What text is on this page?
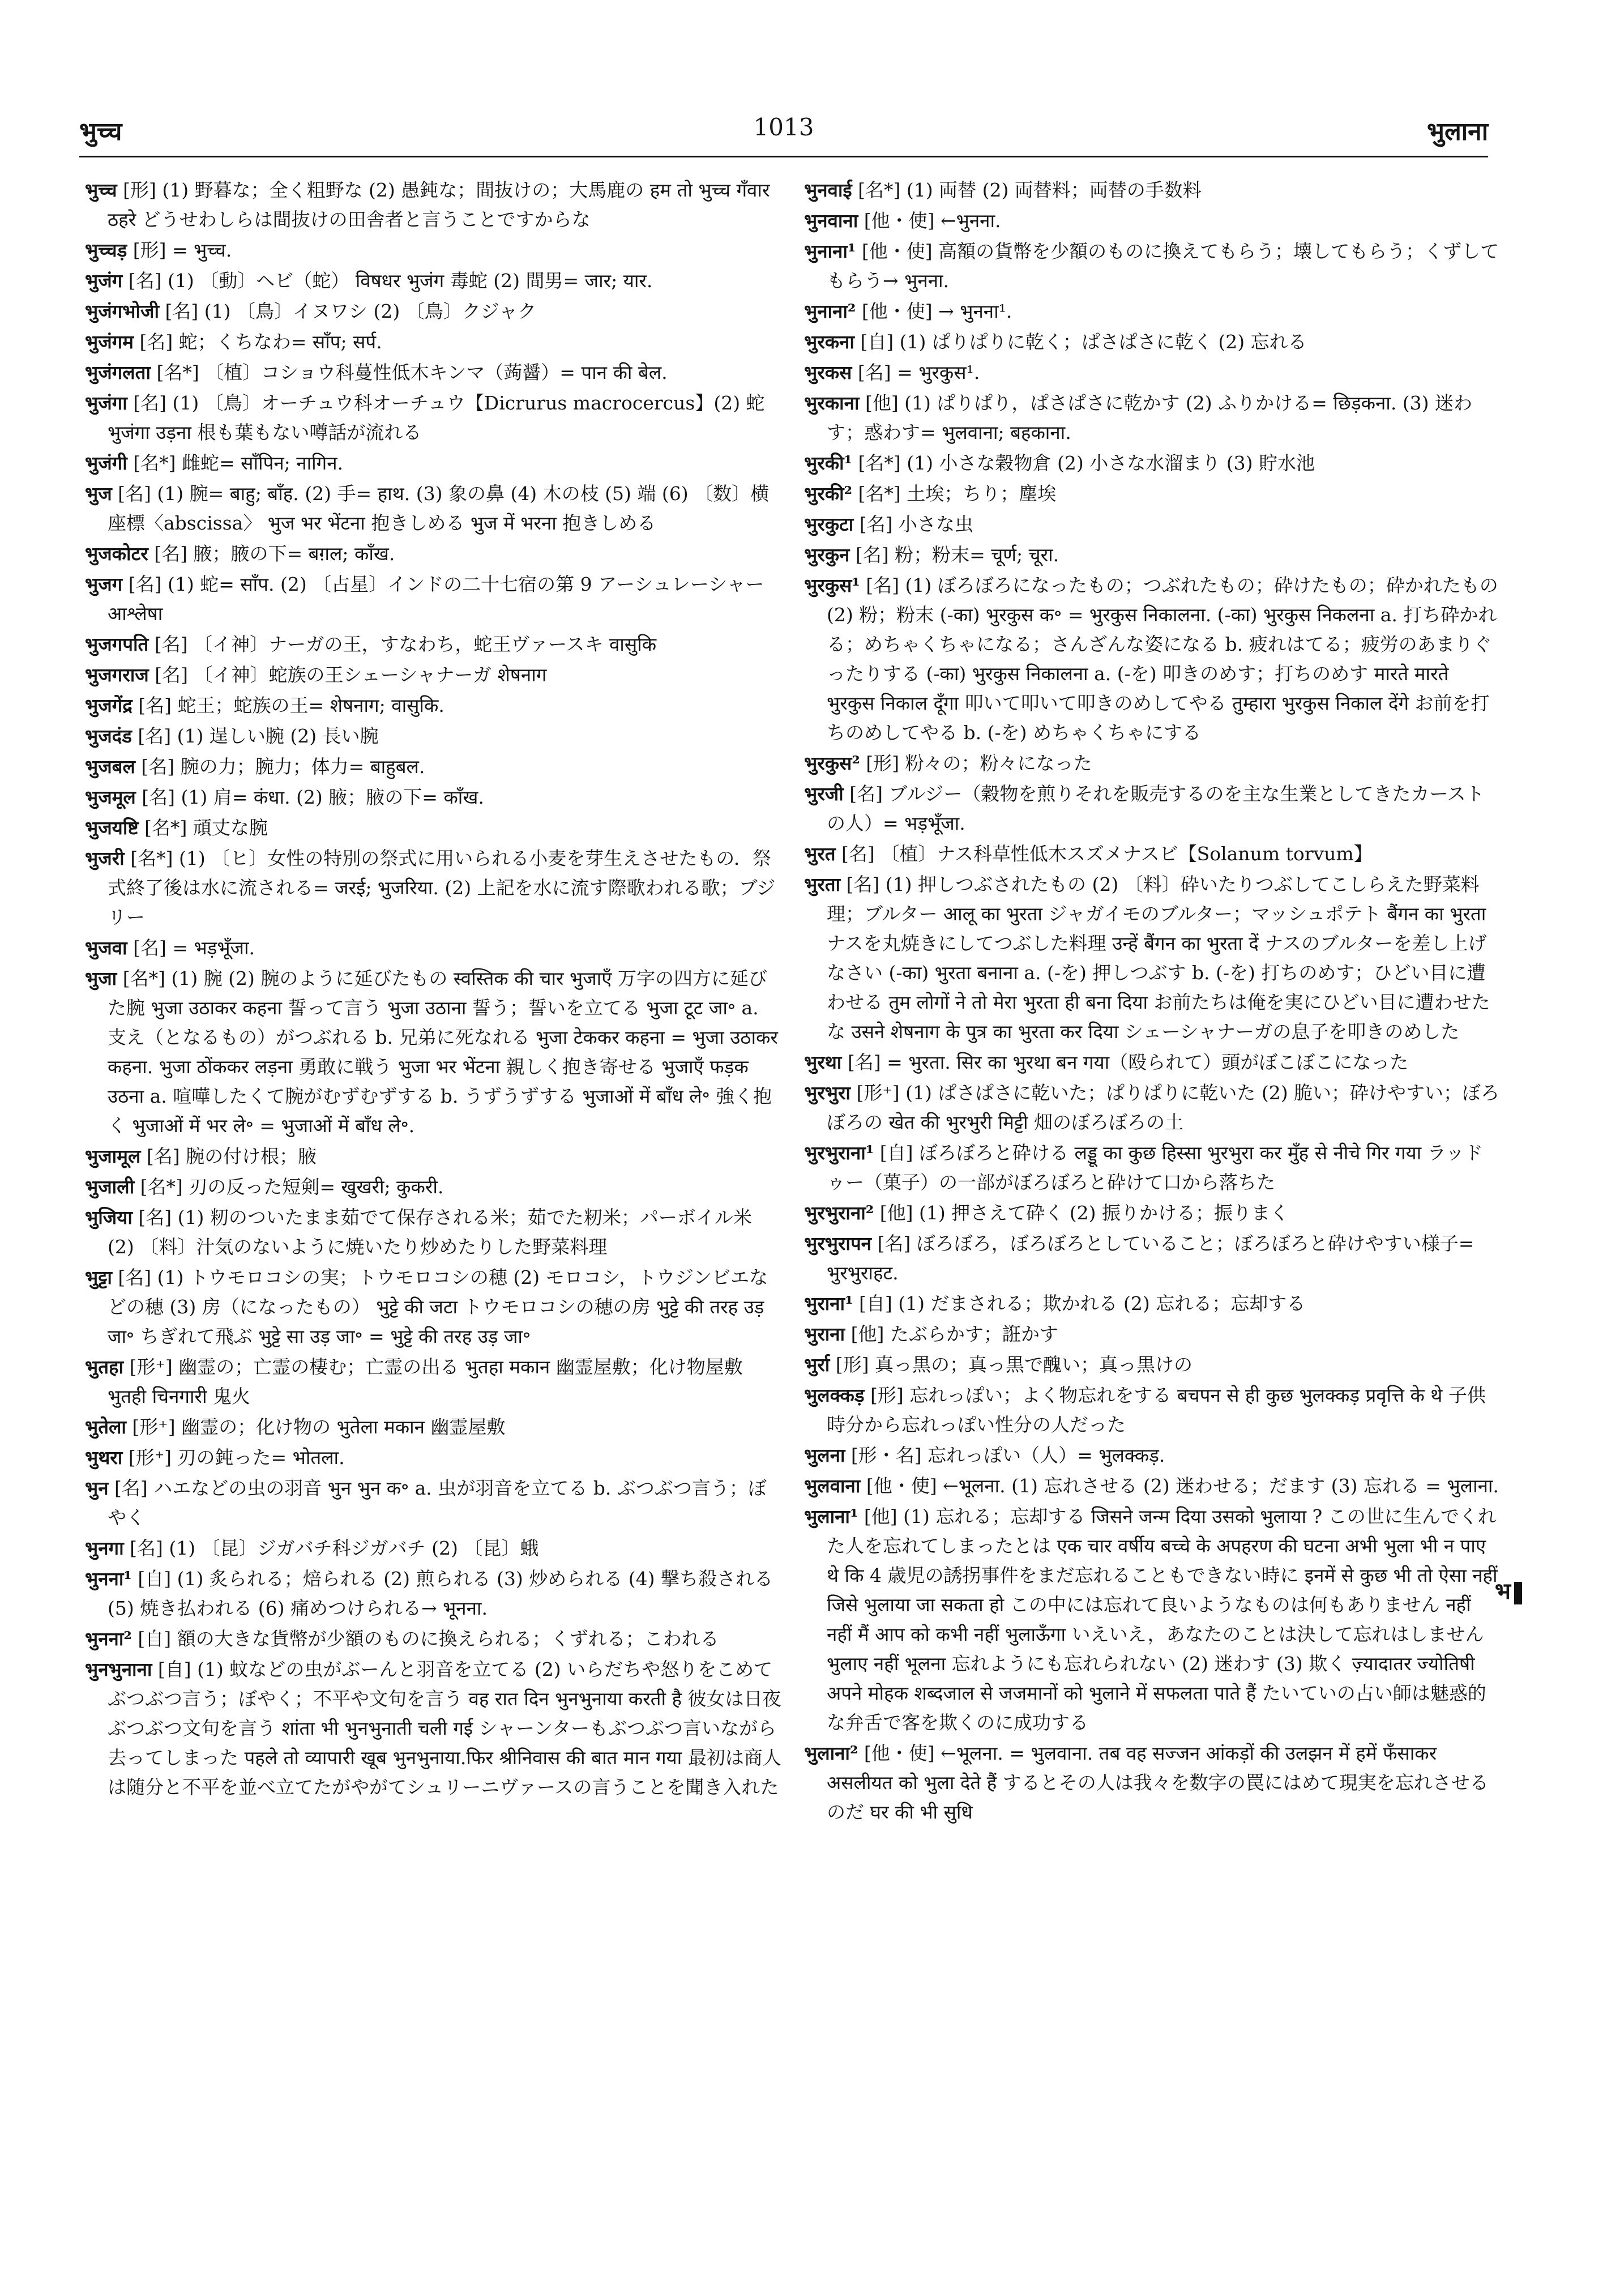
भुच्च	1013	भुलाना

भुच्च [形] (1) 野暮な；全く粗野な (2) 愚鈍な；間抜けの；大馬鹿の हम तो भुच्च गँवार ठहरे どうせわしらは間抜けの田舎者と言うことですからな

भुच्चड़ [形] = भुच्च.

भुजंग [名] (1) 〔動〕ヘビ（蛇） विषधर भुजंग 毒蛇 (2) 間男= जार; यार.

भुजंगभोजी [名] (1) 〔鳥〕イヌワシ (2) 〔鳥〕クジャク

भुजंगम [名] 蛇；くちなわ= साँप; सर्प.

भुजंगलता [名*] 〔植〕コショウ科蔓性低木キンマ（蒟醤）= पान की बेल.

भुजंगा [名] (1) 〔鳥〕オーチュウ科オーチュウ【Dicrurus macrocercus】(2) 蛇 भुजंगा उड़ना 根も葉もない噂話が流れる

भुजंगी [名*] 雌蛇= साँपिन; नागिन.

भुज [名] (1) 腕= बाहु; बाँह. (2) 手= हाथ. (3) 象の鼻 (4) 木の枝 (5) 端 (6) 〔数〕横座標〈abscissa〉 भुज भर भेंटना 抱きしめる भुज में भरना 抱きしめる

भुजकोटर [名] 腋；腋の下= बग़ल; काँख.

भुजग [名] (1) 蛇= साँप. (2) 〔占星〕インドの二十七宿の第 9 アーシュレーシャー आश्लेषा

भुजगपति [名] 〔イ神〕ナーガの王，すなわち，蛇王ヴァースキ वासुकि

भुजगराज [名] 〔イ神〕蛇族の王シェーシャナーガ शेषनाग

भुजगेंद्र [名] 蛇王；蛇族の王= शेषनाग; वासुकि.

भुजदंड [名] (1) 逞しい腕 (2) 長い腕

भुजबल [名] 腕の力；腕力；体力= बाहुबल.

भुजमूल [名] (1) 肩= कंधा. (2) 腋；腋の下= काँख.

भुजयष्टि [名*] 頑丈な腕

भुजरी [名*] (1) 〔ヒ〕女性の特別の祭式に用いられる小麦を芽生えさせたもの．祭式終了後は水に流される= जरई; भुजरिया. (2) 上記を水に流す際歌われる歌；ブジリー

भुजवा [名] = भड़भूँजा.

भुजा [名*] (1) 腕 (2) 腕のように延びたもの स्वस्तिक की चार भुजाएँ 万字の四方に延びた腕 भुजा उठाकर कहना 誓って言う भुजा उठाना 誓う；誓いを立てる भुजा टूट जा॰ a. 支え（となるもの）がつぶれる b. 兄弟に死なれる भुजा टेककर कहना = भुजा उठाकर कहना. भुजा ठोंककर लड़ना 勇敢に戦う भुजा भर भेंटना 親しく抱き寄せる भुजाएँ फड़क उठना a. 喧嘩したくて腕がむずむずする b. うずうずする भुजाओं में बाँध ले॰ 強く抱く भुजाओं में भर ले॰ = भुजाओं में बाँध ले॰.

भुजामूल [名] 腕の付け根；腋

भुजाली [名*] 刃の反った短剣= खुखरी; कुकरी.

भुजिया [名] (1) 籾のついたまま茹でて保存される米；茹でた籾米；パーボイル米 (2) 〔料〕汁気のないように焼いたり炒めたりした野菜料理

भुट्टा [名] (1) トウモロコシの実；トウモロコシの穂 (2) モロコシ，トウジンビエなどの穂 (3) 房（になったもの） भुट्टे की जटा トウモロコシの穂の房 भुट्टे की तरह उड़ जा॰ ちぎれて飛ぶ भुट्टे सा उड़ जा॰ = भुट्टे की तरह उड़ जा॰

भुतहा [形⁺] 幽霊の；亡霊の棲む；亡霊の出る भुतहा मकान 幽霊屋敷；化け物屋敷 भुतही चिनगारी 鬼火

भुतेला [形⁺] 幽霊の；化け物の भुतेला मकान 幽霊屋敷

भुथरा [形⁺] 刃の鈍った= भोतला.

भुन [名] ハエなどの虫の羽音 भुन भुन क॰ a. 虫が羽音を立てる b. ぶつぶつ言う；ぼやく

भुनगा [名] (1) 〔昆〕ジガバチ科ジガバチ (2) 〔昆〕蛾

भुनना¹ [自] (1) 炙られる；焙られる (2) 煎られる (3) 炒められる (4) 撃ち殺される (5) 焼き払われる (6) 痛めつけられる→ भूनना.

भुनना² [自] 額の大きな貨幣が少額のものに換えられる；くずれる；こわれる

भुनभुनाना [自] (1) 蚊などの虫がぶーんと羽音を立てる (2) いらだちや怒りをこめてぶつぶつ言う；ぼやく；不平や文句を言う वह रात दिन भुनभुनाया करती है 彼女は日夜ぶつぶつ文句を言う शांता भी भुनभुनाती चली गई シャーンターもぶつぶつ言いながら去ってしまった पहले तो व्यापारी खूब भुनभुनाया.फिर श्रीनिवास की बात मान गया 最初は商人は随分と不平を並べ立てたがやがてシュリーニヴァースの言うことを聞き入れた

भुनवाई [名*] (1) 両替 (2) 両替料；両替の手数料

भुनवाना [他・使] ←भुनना.

भुनाना¹ [他・使] 高額の貨幣を少額のものに換えてもらう；壊してもらう；くずしてもらう→ भुनना.

भुनाना² [他・使] → भुनना¹.

भुरकना [自] (1) ぱりぱりに乾く；ぱさぱさに乾く (2) 忘れる

भुरकस [名] = भुरकुस¹.

भुरकाना [他] (1) ぱりぱり，ぱさぱさに乾かす (2) ふりかける= छिड़कना. (3) 迷わす；惑わす= भुलवाना; बहकाना.

भुरकी¹ [名*] (1) 小さな穀物倉 (2) 小さな水溜まり (3) 貯水池

भुरकी² [名*] 土埃；ちり；塵埃

भुरकुटा [名] 小さな虫

भुरकुन [名] 粉；粉末= चूर्ण; चूरा.

भुरकुस¹ [名] (1) ぼろぼろになったもの；つぶれたもの；砕けたもの；砕かれたもの (2) 粉；粉末 (-का) भुरकुस क॰ = भुरकुस निकालना. (-का) भुरकुस निकलना a. 打ち砕かれる；めちゃくちゃになる；さんざんな姿になる b. 疲れはてる；疲労のあまりぐったりする (-का) भुरकुस निकालना a. (-を) 叩きのめす；打ちのめす मारते मारते भुरकुस निकाल दूँगा 叩いて叩いて叩きのめしてやる तुम्हारा भुरकुस निकाल देंगे お前を打ちのめしてやる b. (-を) めちゃくちゃにする

भुरकुस² [形] 粉々の；粉々になった

भुरजी [名] ブルジー（穀物を煎りそれを販売するのを主な生業としてきたカーストの人）= भड़भूँजा.

भुरत [名] 〔植〕ナス科草性低木スズメナスビ【Solanum torvum】

भुरता [名] (1) 押しつぶされたもの (2) 〔料〕砕いたりつぶしてこしらえた野菜料理；ブルター आलू का भुरता ジャガイモのブルター；マッシュポテト बैंगन का भुरता ナスを丸焼きにしてつぶした料理 उन्हें बैंगन का भुरता दें ナスのブルターを差し上げなさい (-का) भुरता बनाना a. (-を) 押しつぶす b. (-を) 打ちのめす；ひどい目に遭わせる तुम लोगों ने तो मेरा भुरता ही बना दिया お前たちは俺を実にひどい目に遭わせたな उसने शेषनाग के पुत्र का भुरता कर दिया シェーシャナーガの息子を叩きのめした

भुरथा [名] = भुरता. सिर का भुरथा बन गया（殴られて）頭がぼこぼこになった

भुरभुरा [形⁺] (1) ぱさぱさに乾いた；ぱりぱりに乾いた (2) 脆い；砕けやすい；ぼろぼろの खेत की भुरभुरी मिट्टी 畑のぼろぼろの土

भुरभुराना¹ [自] ぼろぼろと砕ける लड्डू का कुछ हिस्सा भुरभुरा कर मुँह से नीचे गिर गया ラッドゥー（菓子）の一部がぼろぼろと砕けて口から落ちた

भुरभुराना² [他] (1) 押さえて砕く (2) 振りかける；振りまく

भुरभुरापन [名] ぼろぼろ，ぼろぼろとしていること；ぼろぼろと砕けやすい様子= भुरभुराहट.

भुराना¹ [自] (1) だまされる；欺かれる (2) 忘れる；忘却する

भुराना [他] たぶらかす；誑かす

भुर्रा [形] 真っ黒の；真っ黒で醜い；真っ黒けの

भुलक्कड़ [形] 忘れっぽい；よく物忘れをする बचपन से ही कुछ भुलक्कड़ प्रवृत्ति के थे 子供時分から忘れっぽい性分の人だった

भुलना [形・名] 忘れっぽい（人）= भुलक्कड़.

भुलवाना [他・使] ←भूलना. (1) 忘れさせる (2) 迷わせる；だます (3) 忘れる = भुलाना.

भुलाना¹ [他] (1) 忘れる；忘却する जिसने जन्म दिया उसको भुलाया ? この世に生んでくれた人を忘れてしまったとは एक चार वर्षीय बच्चे के अपहरण की घटना अभी भुला भी न पाए थे कि 4 歳児の誘拐事件をまだ忘れることもできない時に इनमें से कुछ भी तो ऐसा नहीं जिसे भुलाया जा सकता हो この中には忘れて良いようなものは何もありません नहीं नहीं मैं आप को कभी नहीं भुलाऊँगा いえいえ，あなたのことは決して忘れはしません भुलाए नहीं भूलना 忘れようにも忘れられない (2) 迷わす (3) 欺く ज़्यादातर ज्योतिषी अपने मोहक शब्दजाल से जजमानों को भुलाने में सफलता पाते हैं たいていの占い師は魅惑的な弁舌で客を欺くのに成功する

भुलाना² [他・使] ←भूलना. = भुलवाना. तब वह सज्जन आंकड़ों की उलझन में हमें फँसाकर असलीयत को भुला देते हैं するとその人は我々を数字の罠にはめて現実を忘れさせるのだ घर की भी सुधि

भ
